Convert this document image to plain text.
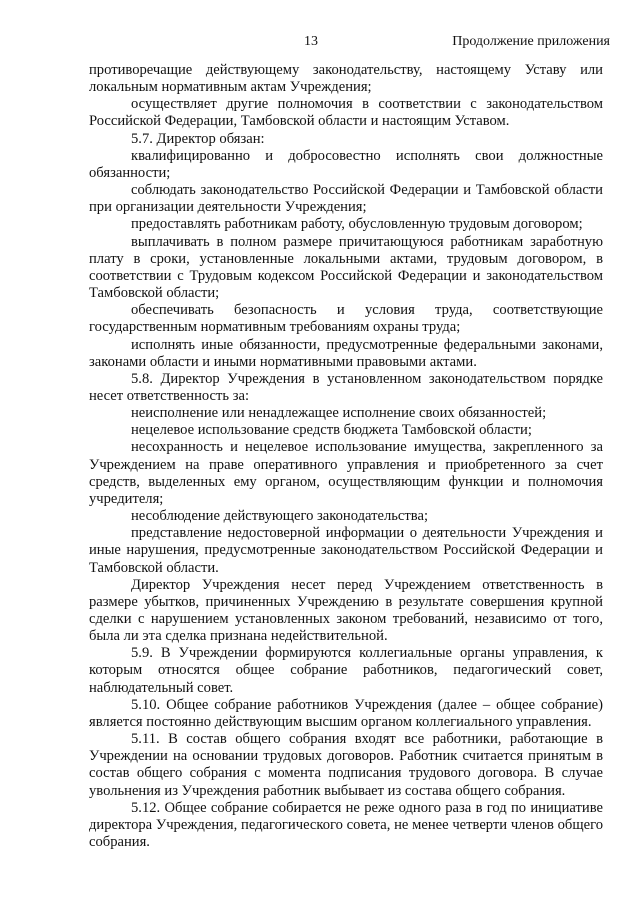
13	Продолжение приложения

противоречащие действующему законодательству, настоящему Уставу или локальным нормативным актам Учреждения;

осуществляет другие полномочия в соответствии с законодательством Российской Федерации, Тамбовской области и настоящим Уставом.

5.7. Директор обязан:

квалифицированно и добросовестно исполнять свои должностные обязанности;

соблюдать законодательство Российской Федерации и Тамбовской области при организации деятельности Учреждения;

предоставлять работникам работу, обусловленную трудовым договором;

выплачивать в полном размере причитающуюся работникам заработную плату в сроки, установленные локальными актами, трудовым договором, в соответствии с Трудовым кодексом Российской Федерации и законодательством Тамбовской области;

обеспечивать безопасность и условия труда, соответствующие государственным нормативным требованиям охраны труда;

исполнять иные обязанности, предусмотренные федеральными законами, законами области и иными нормативными правовыми актами.

5.8. Директор Учреждения в установленном законодательством порядке несет ответственность за:

неисполнение или ненадлежащее исполнение своих обязанностей;

нецелевое использование средств бюджета Тамбовской области;

несохранность и нецелевое использование имущества, закрепленного за Учреждением на праве оперативного управления и приобретенного за счет средств, выделенных ему органом, осуществляющим функции и полномочия учредителя;

несоблюдение действующего законодательства;

представление недостоверной информации о деятельности Учреждения и иные нарушения, предусмотренные законодательством Российской Федерации и Тамбовской области.

Директор Учреждения несет перед Учреждением ответственность в размере убытков, причиненных Учреждению в результате совершения крупной сделки с нарушением установленных законом требований, независимо от того, была ли эта сделка признана недействительной.

5.9. В Учреждении формируются коллегиальные органы управления, к которым относятся общее собрание работников, педагогический совет, наблюдательный совет.

5.10. Общее собрание работников Учреждения (далее – общее собрание) является постоянно действующим высшим органом коллегиального управления.

5.11. В состав общего собрания входят все работники, работающие в Учреждении на основании трудовых договоров. Работник считается принятым в состав общего собрания с момента подписания трудового договора. В случае увольнения из Учреждения работник выбывает из состава общего собрания.

5.12. Общее собрание собирается не реже одного раза в год по инициативе директора Учреждения, педагогического совета, не менее четверти членов общего собрания.
